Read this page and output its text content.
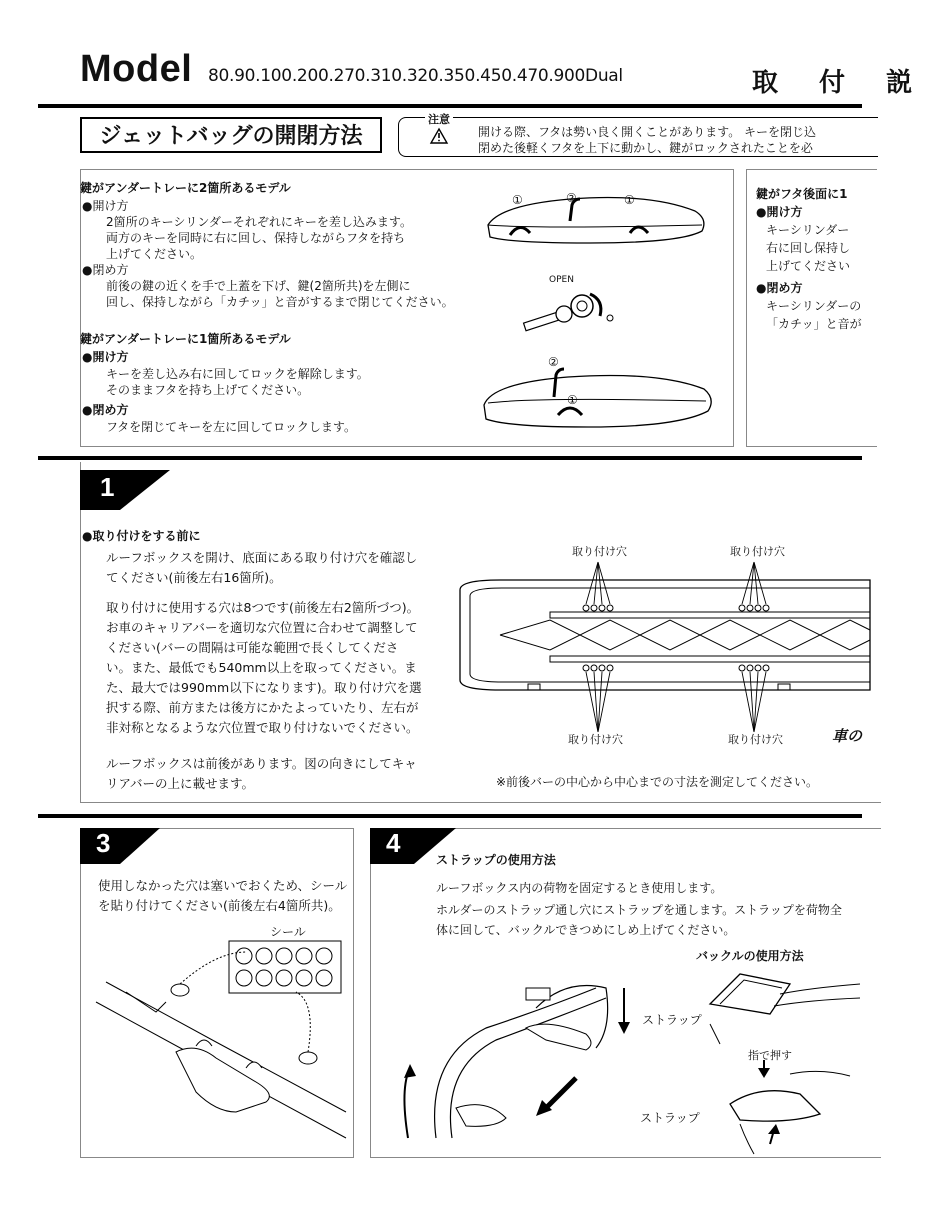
Model 80.90.100.200.270.310.320.350.450.470.900Dual	取 付 説
ジェットバッグの開閉方法
注意
開ける際、フタは勢い良く開くことがあります。 キーを閉じ込
閉めた後軽くフタを上下に動かし、鍵がロックされたことを必
鍵がアンダートレーに2箇所あるモデル
●開け方
2箇所のキーシリンダーそれぞれにキーを差し込みます。
両方のキーを同時に右に回し、保持しながらフタを持ち
上げてください。
●閉め方
前後の鍵の近くを手で上蓋を下げ、鍵(2箇所共)を左側に
回し、保持しながら「カチッ」と音がするまで閉じてください。
鍵がアンダートレーに1箇所あるモデル
●開け方
キーを差し込み右に回してロックを解除します。
そのままフタを持ち上げてください。
●閉め方
フタを閉じてキーを左に回してロックします。
①	①
②
OPEN
①
②
鍵がフタ後面に1
●開け方
キーシリンダー
右に回し保持し
上げてください
●閉め方
キーシリンダーの
「カチッ」と音が
1
●取り付けをする前に
ルーフボックスを開け、底面にある取り付け穴を確認してください(前後左右16箇所)。
取り付けに使用する穴は8つです(前後左右2箇所づつ)。お車のキャリアバーを適切な穴位置に合わせて調整してください(バーの間隔は可能な範囲で長くしてください。また、最低でも540mm以上を取ってください。また、最大では990mm以下になります)。取り付け穴を選択する際、前方または後方にかたよっていたり、左右が非対称となるような穴位置で取り付けないでください。
ルーフボックスは前後があります。図の向きにしてキャリアバーの上に載せます。
取り付け穴	取り付け穴
取り付け穴	取り付け穴	車の
※前後バーの中心から中心までの寸法を測定してください。
3
使用しなかった穴は塞いでおくため、シールを貼り付けてください(前後左右4箇所共)。
シール
4
ストラップの使用方法
ルーフボックス内の荷物を固定するとき使用します。
ホルダーのストラップ通し穴にストラップを通します。ストラップを荷物全体に回して、バックルできつめにしめ上げてください。
バックルの使用方法
ストラップ
指で押す
ストラップ
